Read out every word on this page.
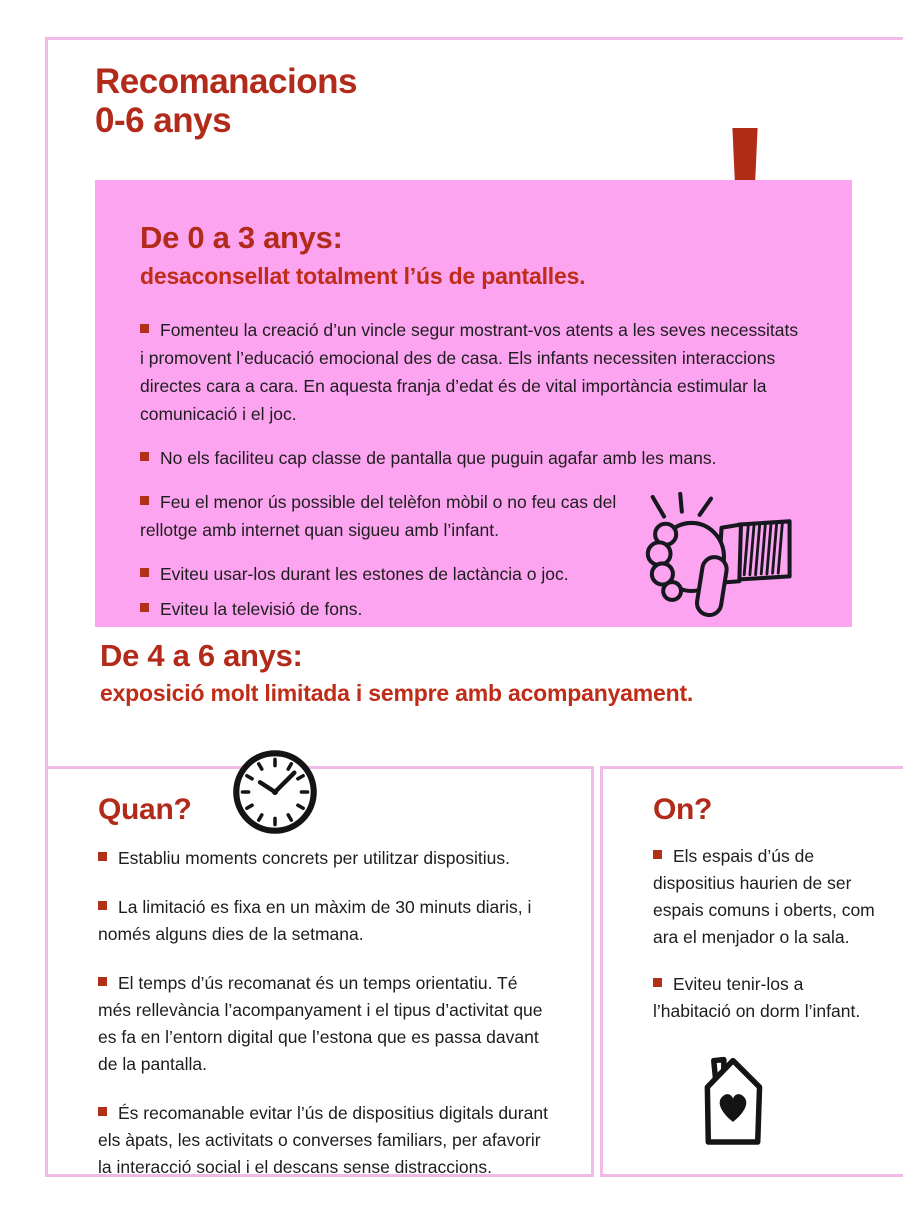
Recomanacions
0-6 anys
De 0 a 3 anys:
desaconsellat totalment l’ús de pantalles.

Fomenteu la creació d’un vincle segur mostrant-vos atents a les seves necessitats i promovent l’educació emocional des de casa. Els infants necessiten interaccions directes cara a cara. En aquesta franja d’edat és de vital importància estimular la comunicació i el joc.

No els faciliteu cap classe de pantalla que puguin agafar amb les mans.

Feu el menor ús possible del telèfon mòbil o no feu cas del rellotge amb internet quan sigueu amb l’infant.

Eviteu usar-los durant les estones de lactància o joc.

Eviteu la televisió de fons.

De 4 a 6 anys:
exposició molt limitada i sempre amb acompanyament.
Quan?

Establiu moments concrets per utilitzar dispositius.

La limitació es fixa en un màxim de 30 minuts diaris, i només alguns dies de la setmana.

El temps d’ús recomanat és un temps orientatiu. Té més rellevància l’acompanyament i el tipus d’activitat que es fa en l’entorn digital que l’estona que es passa davant de la pantalla.

És recomanable evitar l’ús de dispositius digitals durant els àpats, les activitats o converses familiars, per afavorir la interacció social i el descans sense distraccions.

On?

Els espais d’ús de dispositius haurien de ser espais comuns i oberts, com ara el menjador o la sala.

Eviteu tenir-los a l’habitació on dorm l’infant.
